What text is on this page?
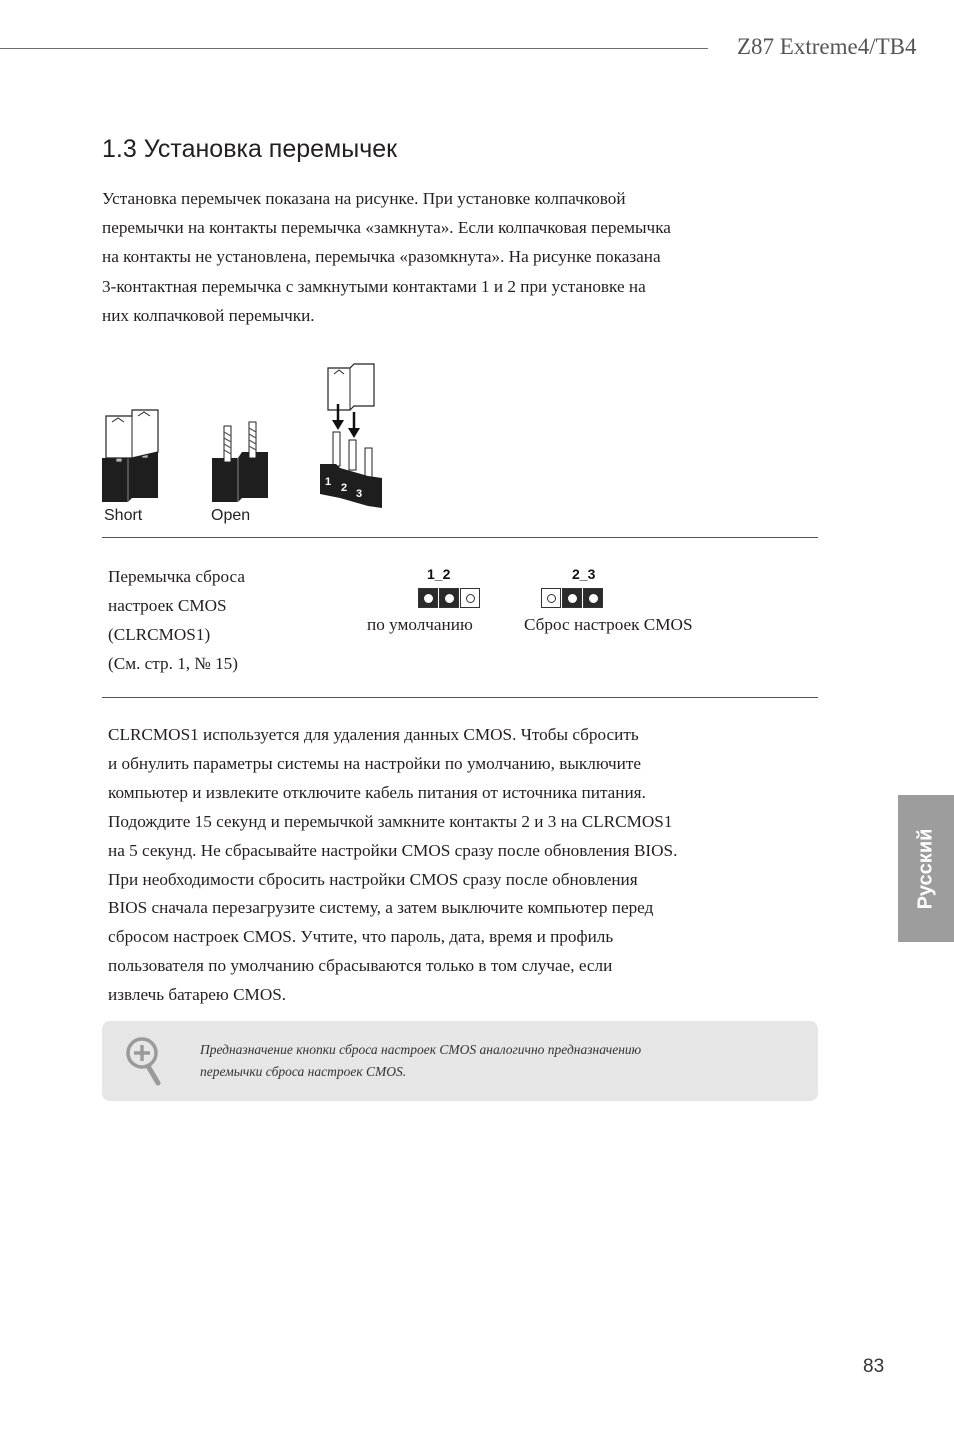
Z87 Extreme4/TB4
1.3 Установка перемычек
Установка перемычек показана на рисунке. При установке колпачковой
перемычки на контакты перемычка «замкнута». Если колпачковая перемычка
на контакты не установлена, перемычка «разомкнута». На рисунке показана
3-контактная перемычка с замкнутыми контактами 1 и 2 при установке на
них колпачковой перемычки.
1 2 3
Short	Open
Перемычка сброса
настроек CMOS
(CLRCMOS1)
(См. стр. 1, № 15)
1_2
по умолчанию
2_3
Сброс настроек CMOS
CLRCMOS1 используется для удаления данных CMOS. Чтобы сбросить
и обнулить параметры системы на настройки по умолчанию, выключите
компьютер и извлеките отключите кабель питания от источника питания.
Подождите 15 секунд и перемычкой замкните контакты 2 и 3 на CLRCMOS1
на 5 секунд. Не сбрасывайте настройки CMOS сразу после обновления BIOS.
При необходимости сбросить настройки CMOS сразу после обновления
BIOS сначала перезагрузите систему, а затем выключите компьютер перед
сбросом настроек CMOS. Учтите, что пароль, дата, время и профиль
пользователя по умолчанию сбрасываются только в том случае, если
извлечь батарею CMOS.
Предназначение кнопки сброса настроек CMOS аналогично предназначению
перемычки сброса настроек CMOS.
Русский
83
